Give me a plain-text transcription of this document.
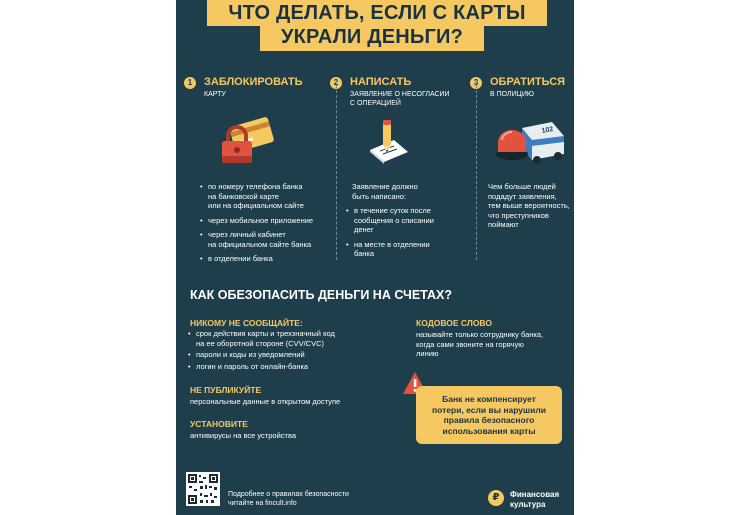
ЧТО ДЕЛАТЬ, ЕСЛИ С КАРТЫ
УКРАЛИ ДЕНЬГИ?
1	ЗАБЛОКИРОВАТЬ
КАРТУ
2	НАПИСАТЬ
ЗАЯВЛЕНИЕ О НЕСОГЛАСИИ
С ОПЕРАЦИЕЙ
3	ОБРАТИТЬСЯ
В ПОЛИЦИЮ
102
• по номеру телефона банка
на банковской карте
или на официальном сайте
• через мобильное приложение
• через личный кабинет
на официальном сайте банка
• в отделении банка
Заявление должно
быть написано:
• в течение суток после
сообщения о списании
денег
• на месте в отделении
банка
Чем больше людей
подадут заявления,
тем выше вероятность,
что преступников
поймают
КАК ОБЕЗОПАСИТЬ ДЕНЬГИ НА СЧЕТАХ?
НИКОМУ НЕ СООБЩАЙТЕ:
• срок действия карты и трехзначный код
на ее оборотной стороне (CVV/CVC)
• пароли и коды из уведомлений
• логин и пароль от онлайн-банка
КОДОВОЕ СЛОВО
называйте только сотруднику банка,
когда сами звоните на горячую
линию
НЕ ПУБЛИКУЙТЕ
персональные данные в открытом доступе
УСТАНОВИТЕ
антивирусы на все устройства
Банк не компенсирует
потери, если вы нарушили
правила безопасного
использования карты
Подробнее о правилах безопасности
читайте на fincult.info
₽	Финансовая
культура
